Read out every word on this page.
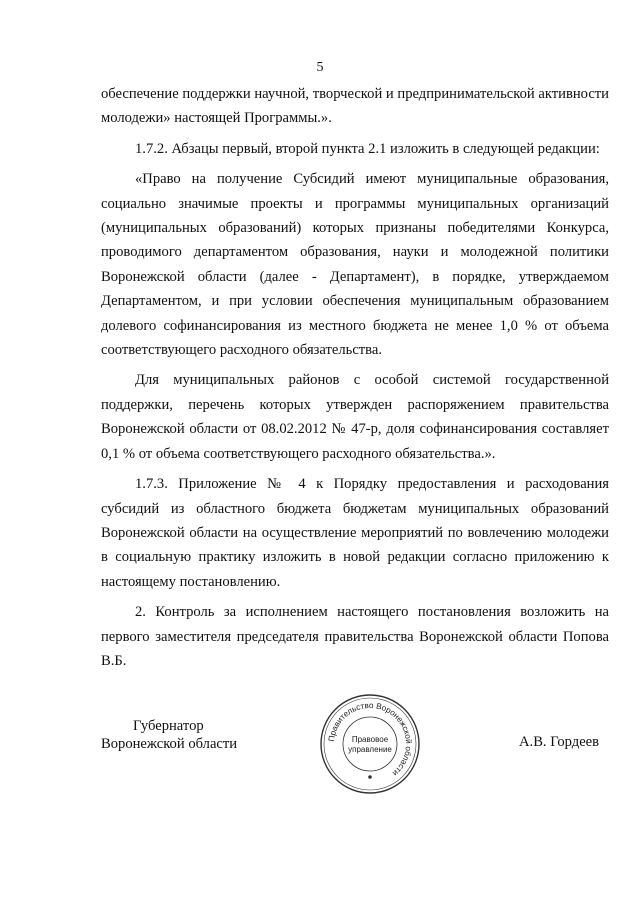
5

обеспечение поддержки научной, творческой и предпринимательской активности молодежи» настоящей Программы.».

1.7.2. Абзацы первый, второй пункта 2.1 изложить в следующей редакции:

«Право на получение Субсидий имеют муниципальные образования, социально значимые проекты и программы муниципальных организаций (муниципальных образований) которых признаны победителями Конкурса, проводимого департаментом образования, науки и молодежной политики Воронежской области (далее - Департамент), в порядке, утверждаемом Департаментом, и при условии обеспечения муниципальным образованием долевого софинансирования из местного бюджета не менее 1,0 % от объема соответствующего расходного обязательства.

Для муниципальных районов с особой системой государственной поддержки, перечень которых утвержден распоряжением правительства Воронежской области от 08.02.2012 № 47-р, доля софинансирования составляет 0,1 % от объема соответствующего расходного обязательства.».

1.7.3. Приложение № 4 к Порядку предоставления и расходования субсидий из областного бюджета бюджетам муниципальных образований Воронежской области на осуществление мероприятий по вовлечению молодежи в социальную практику изложить в новой редакции согласно приложению к настоящему постановлению.

2. Контроль за исполнением настоящего постановления возложить на первого заместителя председателя правительства Воронежской области Попова В.Б.

Губернатор
Воронежской области	Правительство Воронежской области
Правовое
управление	А.В. Гордеев
